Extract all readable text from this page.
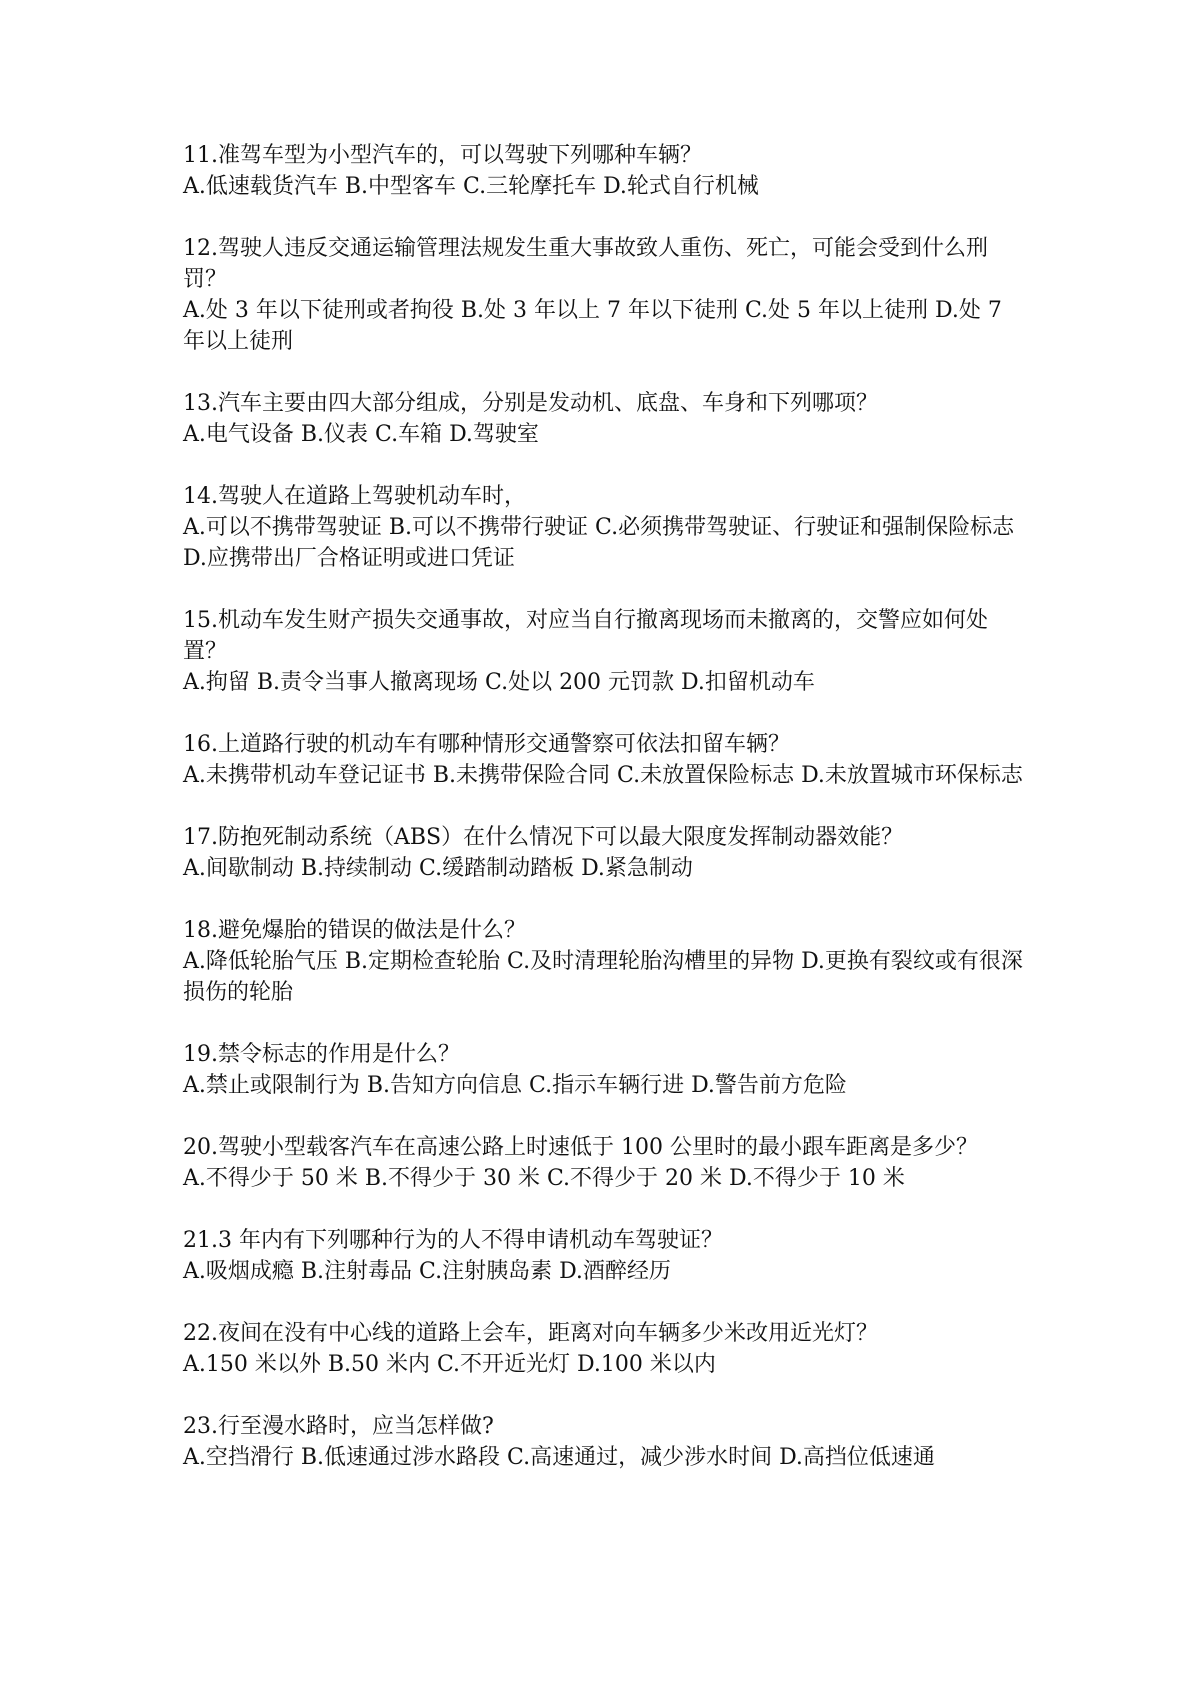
11.准驾车型为小型汽车的，可以驾驶下列哪种车辆？

A.低速载货汽车 B.中型客车 C.三轮摩托车 D.轮式自行机械

12.驾驶人违反交通运输管理法规发生重大事故致人重伤、死亡，可能会受到什么刑罚？

A.处 3 年以下徒刑或者拘役 B.处 3 年以上 7 年以下徒刑 C.处 5 年以上徒刑 D.处 7 年以上徒刑

13.汽车主要由四大部分组成，分别是发动机、底盘、车身和下列哪项？

A.电气设备 B.仪表 C.车箱 D.驾驶室

14.驾驶人在道路上驾驶机动车时，

A.可以不携带驾驶证 B.可以不携带行驶证 C.必须携带驾驶证、行驶证和强制保险标志 D.应携带出厂合格证明或进口凭证

15.机动车发生财产损失交通事故，对应当自行撤离现场而未撤离的，交警应如何处置？

A.拘留 B.责令当事人撤离现场 C.处以 200 元罚款 D.扣留机动车

16.上道路行驶的机动车有哪种情形交通警察可依法扣留车辆？

A.未携带机动车登记证书 B.未携带保险合同 C.未放置保险标志 D.未放置城市环保标志

17.防抱死制动系统（ABS）在什么情况下可以最大限度发挥制动器效能？

A.间歇制动 B.持续制动 C.缓踏制动踏板 D.紧急制动

18.避免爆胎的错误的做法是什么？

A.降低轮胎气压 B.定期检查轮胎 C.及时清理轮胎沟槽里的异物 D.更换有裂纹或有很深损伤的轮胎

19.禁令标志的作用是什么？

A.禁止或限制行为 B.告知方向信息 C.指示车辆行进 D.警告前方危险

20.驾驶小型载客汽车在高速公路上时速低于 100 公里时的最小跟车距离是多少？

A.不得少于 50 米 B.不得少于 30 米 C.不得少于 20 米 D.不得少于 10 米

21.3 年内有下列哪种行为的人不得申请机动车驾驶证？

A.吸烟成瘾 B.注射毒品 C.注射胰岛素 D.酒醉经历

22.夜间在没有中心线的道路上会车，距离对向车辆多少米改用近光灯？

A.150 米以外 B.50 米内 C.不开近光灯 D.100 米以内

23.行至漫水路时，应当怎样做?

A.空挡滑行 B.低速通过涉水路段 C.高速通过，减少涉水时间 D.高挡位低速通
